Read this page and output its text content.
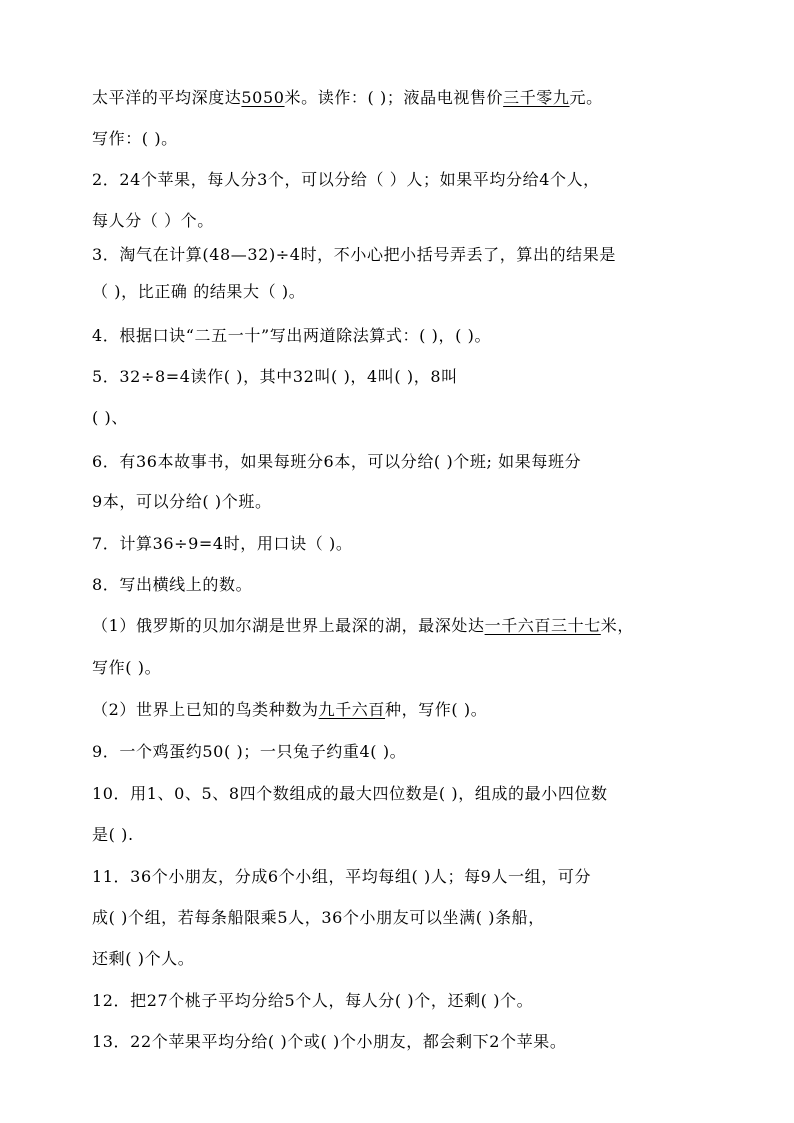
太平洋的平均深度达5050米。读作：( )；液晶电视售价三千零九元。
写作：( )。
2．24个苹果，每人分3个，可以分给（ ）人；如果平均分给4个人，
每人分（ ）个。
3．淘气在计算(48—32)÷4时，不小心把小括号弄丢了，算出的结果是
（ )，比正确 的结果大（ )。
4．根据口诀“二五一十”写出两道除法算式：( )，( )。
5．32÷8=4读作( )，其中32叫( )，4叫( )，8叫
( )、
6．有36本故事书，如果每班分6本，可以分给( )个班; 如果每班分
9本，可以分给( )个班。
7．计算36÷9=4时，用口诀（ )。
8．写出横线上的数。
（1）俄罗斯的贝加尔湖是世界上最深的湖，最深处达一千六百三十七米，
写作( )。
（2）世界上已知的鸟类种数为九千六百种，写作( )。
9．一个鸡蛋约50( )；一只兔子约重4( )。
10．用1、0、5、8四个数组成的最大四位数是( )，组成的最小四位数
是( ).
11．36个小朋友，分成6个小组，平均每组( )人；每9人一组，可分
成( )个组，若每条船限乘5人，36个小朋友可以坐满( )条船，
还剩( )个人。
12．把27个桃子平均分给5个人，每人分( )个，还剩( )个。
13．22个苹果平均分给( )个或( )个小朋友，都会剩下2个苹果。
